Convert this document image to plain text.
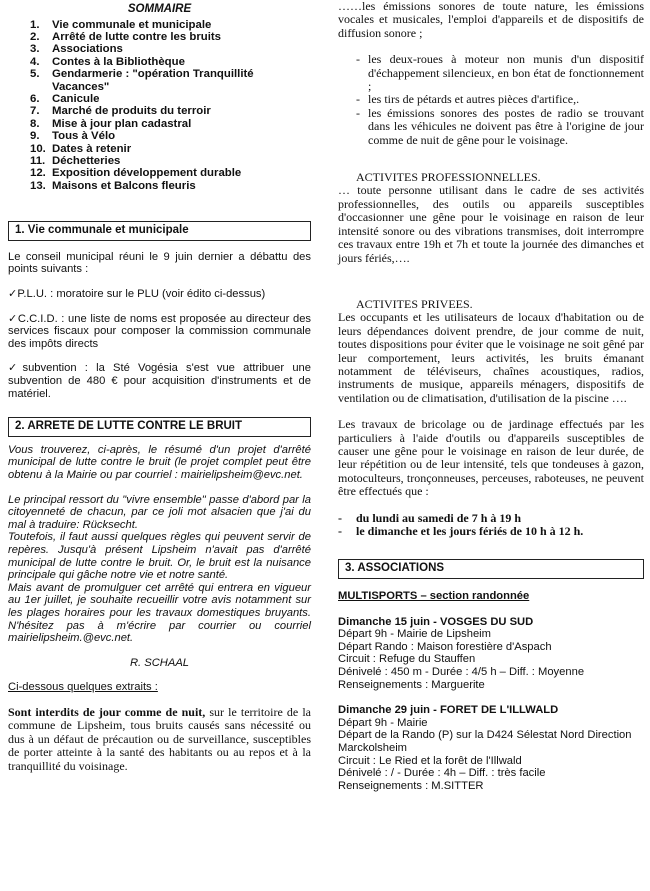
SOMMAIRE
1.	Vie communale et municipale
2.	Arrêté de lutte contre les bruits
3.	Associations
4.	Contes à la Bibliothèque
5.	Gendarmerie : "opération Tranquillité Vacances"
6.	Canicule
7.	Marché de produits du terroir
8.	Mise à jour plan cadastral
9.	Tous à Vélo
10. Dates à retenir
11. Déchetteries
12. Exposition développement durable
13. Maisons et Balcons fleuris
1. Vie communale et municipale

Le conseil municipal réuni le 9 juin dernier a débattu des points suivants :

✓ P.L.U. : moratoire sur le PLU (voir édito ci-dessus)

✓ C.C.I.D. : une liste de noms est proposée au directeur des services fiscaux pour composer la commission communale des impôts directs

✓ subvention : la Sté Vogésia s'est vue attribuer une subvention de 480 € pour acquisition d'instruments et de matériel.

2. ARRETE DE LUTTE CONTRE LE BRUIT

Vous trouverez, ci-après, le résumé d'un projet d'arrêté municipal de lutte contre le bruit (le projet complet peut être obtenu à la Mairie ou par courriel : mairielipsheim@evc.net.

Le principal ressort du "vivre ensemble" passe d'abord par la citoyenneté de chacun, par ce joli mot alsacien que j'ai du mal à traduire: Rücksecht.

Toutefois, il faut aussi quelques règles qui peuvent servir de repères. Jusqu'à présent Lipsheim n'avait pas d'arrêté municipal de lutte contre le bruit. Or, le bruit est la nuisance principale qui gâche notre vie et notre santé.

Mais avant de promulguer cet arrêté qui entrera en vigueur au 1er juillet, je souhaite recueillir votre avis notamment sur les plages horaires pour les travaux domestiques bruyants. N'hésitez pas à m'écrire par courrier ou courriel mairielipsheim.@evc.net.

R. SCHAAL

Ci-dessous quelques extraits :
Sont interdits de jour comme de nuit, sur le territoire de la commune de Lipsheim, tous bruits causés sans nécessité ou dus à un défaut de précaution ou de surveillance, susceptibles de porter atteinte à la santé des habitants ou au repos et à la tranquillité du voisinage.
……les émissions sonores de toute nature, les émissions vocales et musicales, l'emploi d'appareils et de dispositifs de diffusion sonore ;
- les deux-roues à moteur non munis d'un dispositif d'échappement silencieux, en bon état de fonctionnement ;
- les tirs de pétards et autres pièces d'artifice,.
- les émissions sonores des postes de radio se trouvant dans les véhicules ne doivent pas être à l'origine de jour comme de nuit de gêne pour le voisinage.
ACTIVITES PROFESSIONNELLES.
… toute personne utilisant dans le cadre de ses activités professionnelles, des outils ou appareils susceptibles d'occasionner une gêne pour le voisinage en raison de leur intensité sonore ou des vibrations transmises, doit interrompre ces travaux entre 19h et 7h et toute la journée des dimanches et jours fériés,….
ACTIVITES PRIVEES.
Les occupants et les utilisateurs de locaux d'habitation ou de leurs dépendances doivent prendre, de jour comme de nuit, toutes dispositions pour éviter que le voisinage ne soit gêné par leur comportement, leurs activités, les bruits émanant notamment de téléviseurs, chaînes acoustiques, radios, instruments de musique, appareils ménagers, dispositifs de ventilation ou de climatisation, d'utilisation de la piscine ….
Les travaux de bricolage ou de jardinage effectués par les particuliers à l'aide d'outils ou d'appareils susceptibles de causer une gêne pour le voisinage en raison de leur durée, de leur répétition ou de leur intensité, tels que tondeuses à gazon, motoculteurs, tronçonneuses, perceuses, raboteuses, ne peuvent être effectués que :
-	du lundi au samedi de 7 h à 19 h
-	le dimanche et les jours fériés de 10 h à 12 h.
3. ASSOCIATIONS
MULTISPORTS – section randonnée
Dimanche 15 juin - VOSGES DU SUD
Départ 9h - Mairie de Lipsheim
Départ Rando : Maison forestière d'Aspach
Circuit : Refuge du Stauffen
Dénivelé : 450 m - Durée : 4/5 h – Diff. : Moyenne
Renseignements : Marguerite
Dimanche 29 juin - FORET DE L'ILLWALD
Départ 9h - Mairie
Départ de la Rando (P) sur la D424 Sélestat Nord Direction Marckolsheim
Circuit : Le Ried et la forêt de l'Illwald
Dénivelé : / - Durée : 4h – Diff. : très facile
Renseignements : M.SITTER
